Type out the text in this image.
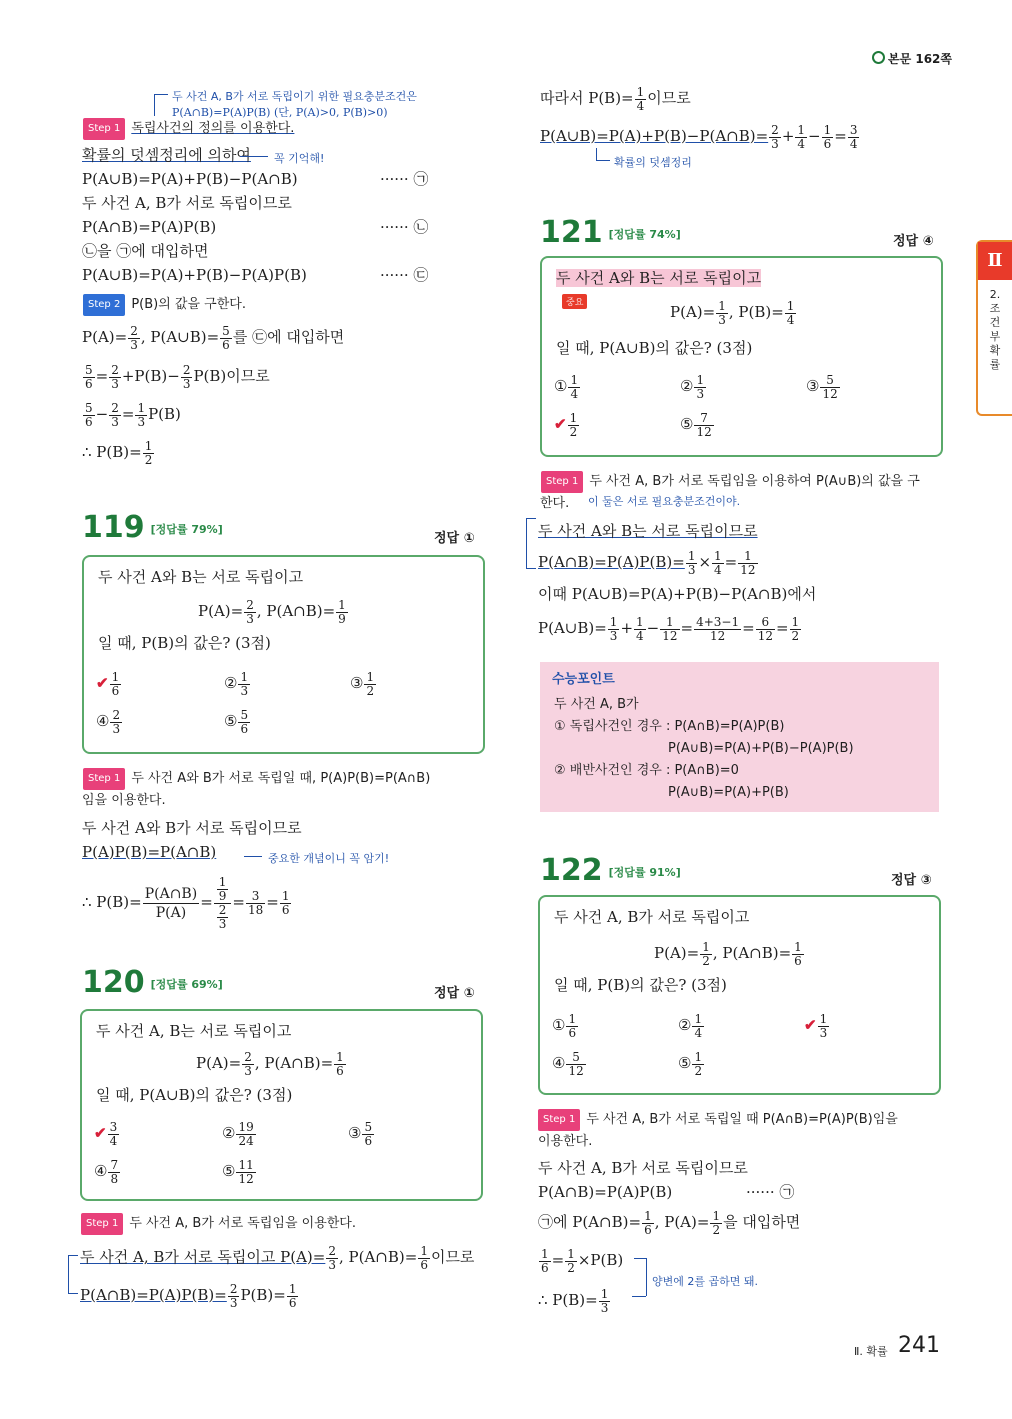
본문 162쪽
Ⅱ
2.조건부확률
두 사건 A, B가 서로 독립이기 위한 필요충분조건은
P(A∩B)=P(A)P(B) (단, P(A)>0, P(B)>0)
Step 1 독립사건의 정의를 이용한다.
확률의 덧셈정리에 의하여 꼭 기억해!
P(A∪B)=P(A)+P(B)−P(A∩B)	······ ㉠
두 사건 A, B가 서로 독립이므로
P(A∩B)=P(A)P(B)	······ ㉡
㉡을 ㉠에 대입하면
P(A∪B)=P(A)+P(B)−P(A)P(B)	······ ㉢
Step 2 P(B)의 값을 구한다.
$P(A)= \frac{2}{3}$ , P(A∪B)= $\frac{5}{6}$ 를 ㉢에 대입하면
$\frac{5}{6} = \frac{2}{3} +P(B)- \frac{2}{3} P(B)$이므로
$\frac{5}{6} - \frac{2}{3} = \frac{1}{3} P(B)$
∴ $P(B)= \frac{1}{2}$
119 [정답률 79%]
정답 ①
두 사건 A와 B는 서로 독립이고
$P(A)= \frac{2}{3}$ , P(A∩B)= $\frac{1}{9}$
일 때, P(B)의 값은? (3점)
✔ $\frac{1}{6}$	② $\frac{1}{3}$	③ $\frac{1}{2}$
④ $\frac{2}{3}$	⑤ $\frac{5}{6}$
Step 1 두 사건 A와 B가 서로 독립일 때, P(A)P(B)=P(A∩B)
임을 이용한다.
두 사건 A와 B가 서로 독립이므로
P(A)P(B)=P(A∩B)	중요한 개념이니 꼭 암기!
∴ $P(B)= \frac{P(A\cap B)}{P(A)} = \frac{\frac{1}{9}}{\frac{2}{3}} = \frac{3}{18} = \frac{1}{6}$
120 [정답률 69%]
정답 ①
두 사건 A, B는 서로 독립이고
$P(A)= \frac{2}{3}$ , P(A∩B)= $\frac{1}{6}$
일 때, P(A∪B)의 값은? (3점)
✔ $\frac{3}{4}$	② $\frac{19}{24}$	③ $\frac{5}{6}$
④ $\frac{7}{8}$	⑤ $\frac{11}{12}$
Step 1 두 사건 A, B가 서로 독립임을 이용한다.
두 사건 A, B가 서로 독립이고 $P(A)= \frac{2}{3}$ , P(A∩B)= $\frac{1}{6}$ 이므로
P(A∩B)=P(A)P(B)= $\frac{2}{3} P(B)= \frac{1}{6}$
따라서 $P(B)= \frac{1}{4}$ 이므로
P(A∪B)=P(A)+P(B)−P(A∩B)= $\frac{2}{3} + \frac{1}{4} - \frac{1}{6} = \frac{3}{4}$
확률의 덧셈정리
121 [정답률 74%]	정답 ④
두 사건 A와 B는 서로 독립이고
중요	$P(A)= \frac{1}{3}$ , $P(B)= \frac{1}{4}$
일 때, P(A∪B)의 값은? (3점)
① $\frac{1}{4}$	② $\frac{1}{3}$	③ $\frac{5}{12}$
✔ $\frac{1}{2}$	⑤ $\frac{7}{12}$
Step 1 두 사건 A, B가 서로 독립임을 이용하여 P(A∪B)의 값을 구
한다. 이 둘은 서로 필요충분조건이야.
두 사건 A와 B는 서로 독립이므로
P(A∩B)=P(A)P(B)= $\frac{1}{3} \times \frac{1}{4} = \frac{1}{12}$
이때 P(A∪B)=P(A)+P(B)−P(A∩B)에서
P(A∪B)= $\frac{1}{3} + \frac{1}{4} - \frac{1}{12} = \frac{4+3-1}{12} = \frac{6}{12} = \frac{1}{2}$
수능포인트
두 사건 A, B가
① 독립사건인 경우 : P(A∩B)=P(A)P(B)
P(A∪B)=P(A)+P(B)−P(A)P(B)
② 배반사건인 경우 : P(A∩B)=0
P(A∪B)=P(A)+P(B)
122 [정답률 91%]
정답 ③
두 사건 A, B가 서로 독립이고
$P(A)= \frac{1}{2}$ , P(A∩B)= $\frac{1}{6}$
일 때, P(B)의 값은? (3점)
① $\frac{1}{6}$	② $\frac{1}{4}$	✔ $\frac{1}{3}$
④ $\frac{5}{12}$	⑤ $\frac{1}{2}$
Step 1 두 사건 A, B가 서로 독립일 때 P(A∩B)=P(A)P(B)임을
이용한다.
두 사건 A, B가 서로 독립이므로
P(A∩B)=P(A)P(B)	······ ㉠
㉠에 P(A∩B)= $\frac{1}{6}$ , $P(A)= \frac{1}{2}$ 을 대입하면
$\frac{1}{6} = \frac{1}{2} \times P(B)$
양변에 2를 곱하면 돼.
∴ $P(B)= \frac{1}{3}$
Ⅱ. 확률 241
